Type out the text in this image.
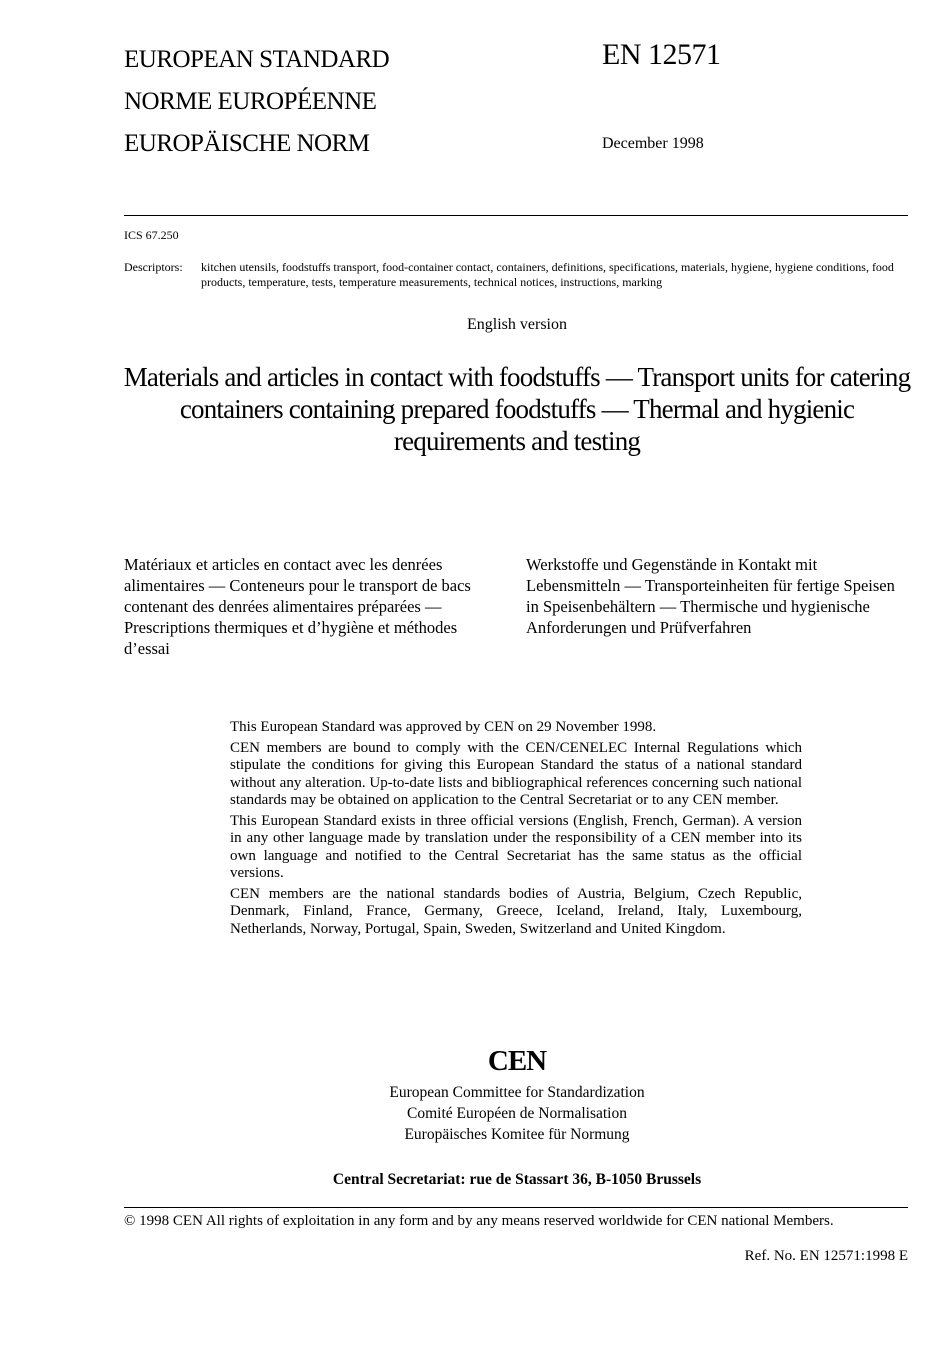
EUROPEAN STANDARD
NORME EUROPÉENNE
EUROPÄISCHE NORM
EN 12571
December 1998
ICS 67.250
Descriptors: kitchen utensils, foodstuffs transport, food-container contact, containers, definitions, specifications, materials, hygiene, hygiene conditions, food products, temperature, tests, temperature measurements, technical notices, instructions, marking
English version
Materials and articles in contact with foodstuffs — Transport units for catering containers containing prepared foodstuffs — Thermal and hygienic requirements and testing
Matériaux et articles en contact avec les denrées alimentaires — Conteneurs pour le transport de bacs contenant des denrées alimentaires préparées — Prescriptions thermiques et d’hygiène et méthodes d’essai
Werkstoffe und Gegenstände in Kontakt mit Lebensmitteln — Transporteinheiten für fertige Speisen in Speisenbehältern — Thermische und hygienische Anforderungen und Prüfverfahren

This European Standard was approved by CEN on 29 November 1998.

CEN members are bound to comply with the CEN/CENELEC Internal Regulations which stipulate the conditions for giving this European Standard the status of a national standard without any alteration. Up-to-date lists and bibliographical references concerning such national standards may be obtained on application to the Central Secretariat or to any CEN member.

This European Standard exists in three official versions (English, French, German). A version in any other language made by translation under the responsibility of a CEN member into its own language and notified to the Central Secretariat has the same status as the official versions.

CEN members are the national standards bodies of Austria, Belgium, Czech Republic, Denmark, Finland, France, Germany, Greece, Iceland, Ireland, Italy, Luxembourg, Netherlands, Norway, Portugal, Spain, Sweden, Switzerland and United Kingdom.

CEN
European Committee for Standardization
Comité Européen de Normalisation
Europäisches Komitee für Normung
Central Secretariat: rue de Stassart 36, B-1050 Brussels
© 1998 CEN All rights of exploitation in any form and by any means reserved worldwide for CEN national Members.
Ref. No. EN 12571:1998 E
